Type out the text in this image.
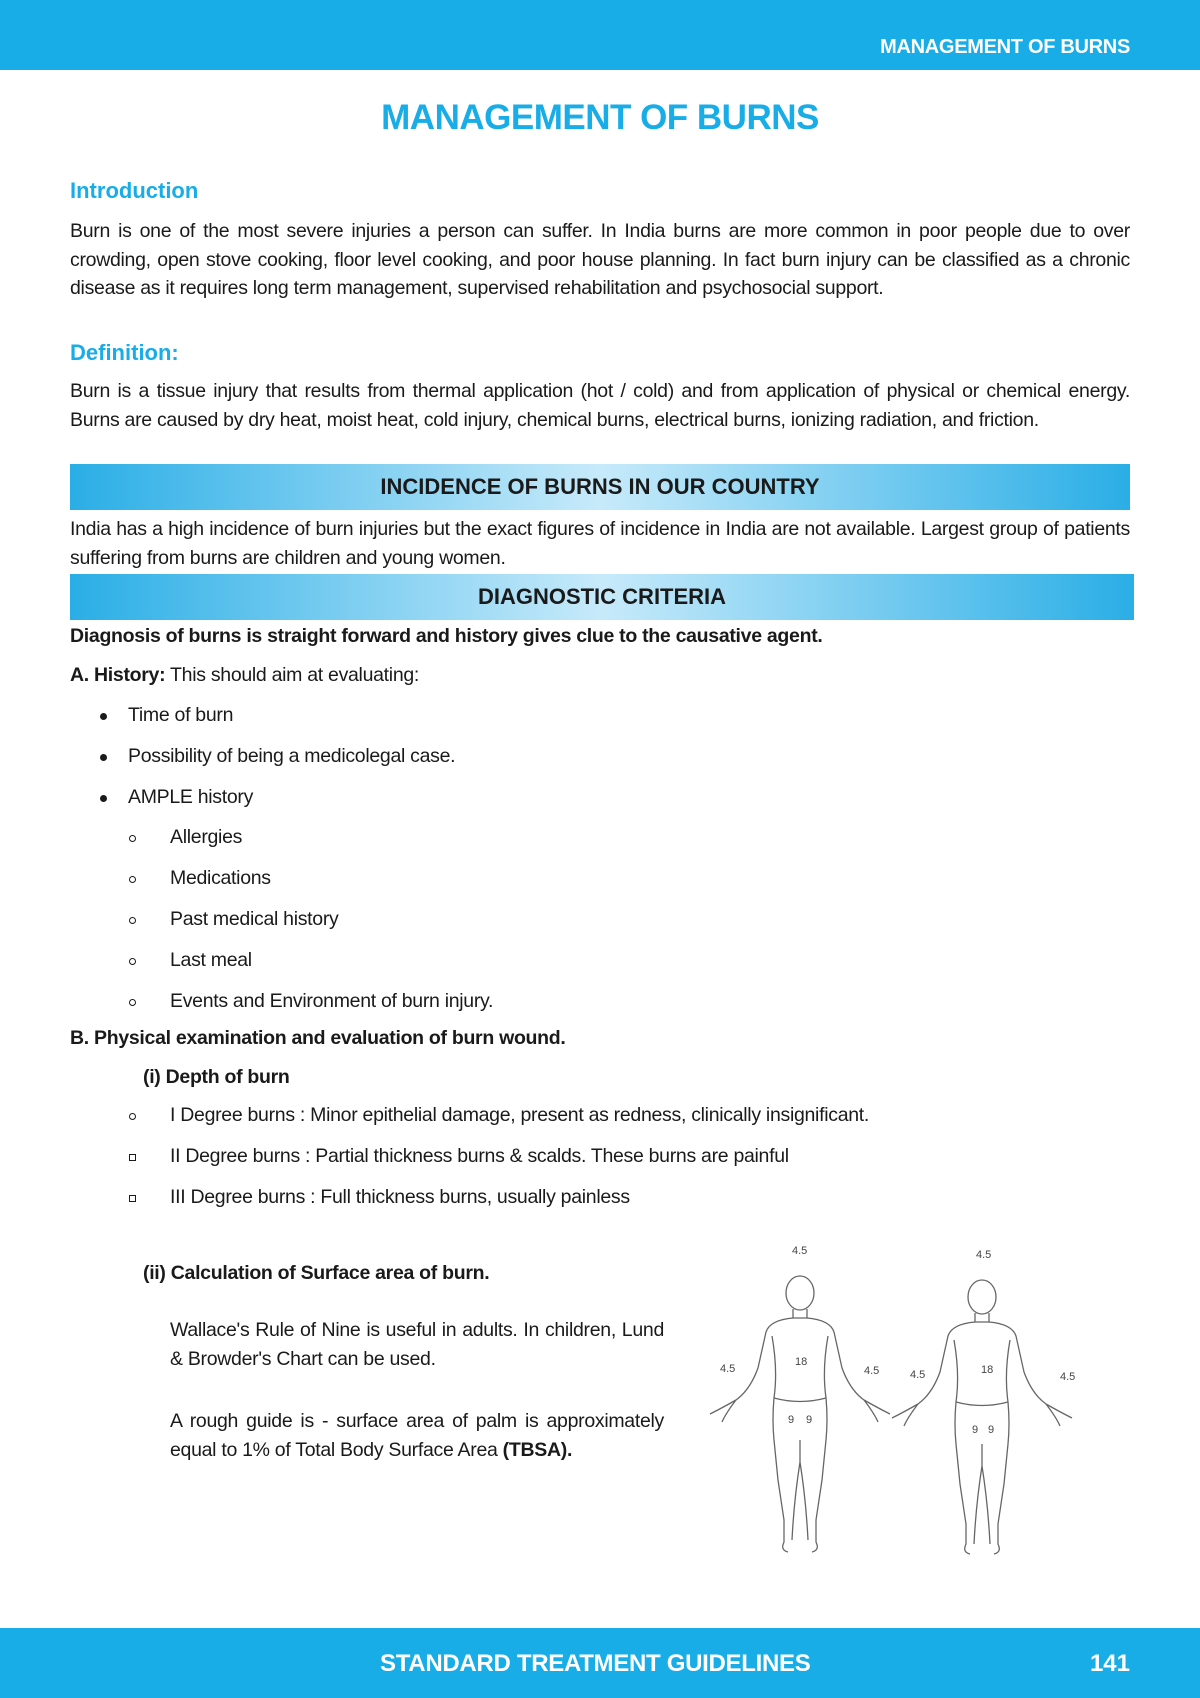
MANAGEMENT OF BURNS
MANAGEMENT OF BURNS
Introduction
Burn is one of the most severe injuries a person can suffer. In India burns are more common in poor people due to over crowding, open stove cooking, floor level cooking, and poor house planning. In fact burn injury can be classified as a chronic disease as it requires long term management, supervised rehabilitation and psychosocial support.
Definition:
Burn is a tissue injury that results from thermal application (hot / cold) and from application of physical or chemical energy. Burns are caused by dry heat, moist heat, cold injury, chemical burns, electrical burns, ionizing radiation, and friction.
INCIDENCE OF BURNS IN OUR COUNTRY
India has a high incidence of burn injuries but the exact figures of incidence in India are not available. Largest group of patients suffering from burns are children and young women.
DIAGNOSTIC CRITERIA
Diagnosis of burns is straight forward and history gives clue to the causative agent.
A. History: This should aim at evaluating:
Time of burn
Possibility of being a medicolegal case.
AMPLE history
Allergies
Medications
Past medical history
Last meal
Events and Environment of burn injury.
B. Physical examination and evaluation of burn wound.
(i) Depth of burn
I Degree burns : Minor epithelial damage, present as redness, clinically insignificant.
II Degree burns : Partial thickness burns & scalds. These burns are painful
III Degree burns : Full thickness burns, usually painless
(ii) Calculation of Surface area of burn.
Wallace's Rule of Nine is useful in adults. In children, Lund & Browder's Chart can be used.
A rough guide is - surface area of palm is approximately equal to 1% of Total Body Surface Area (TBSA).
4.5
4.5	4.5
18
9 9
4.5
4.5	4.5
18
9 9
STANDARD TREATMENT GUIDELINES	141
